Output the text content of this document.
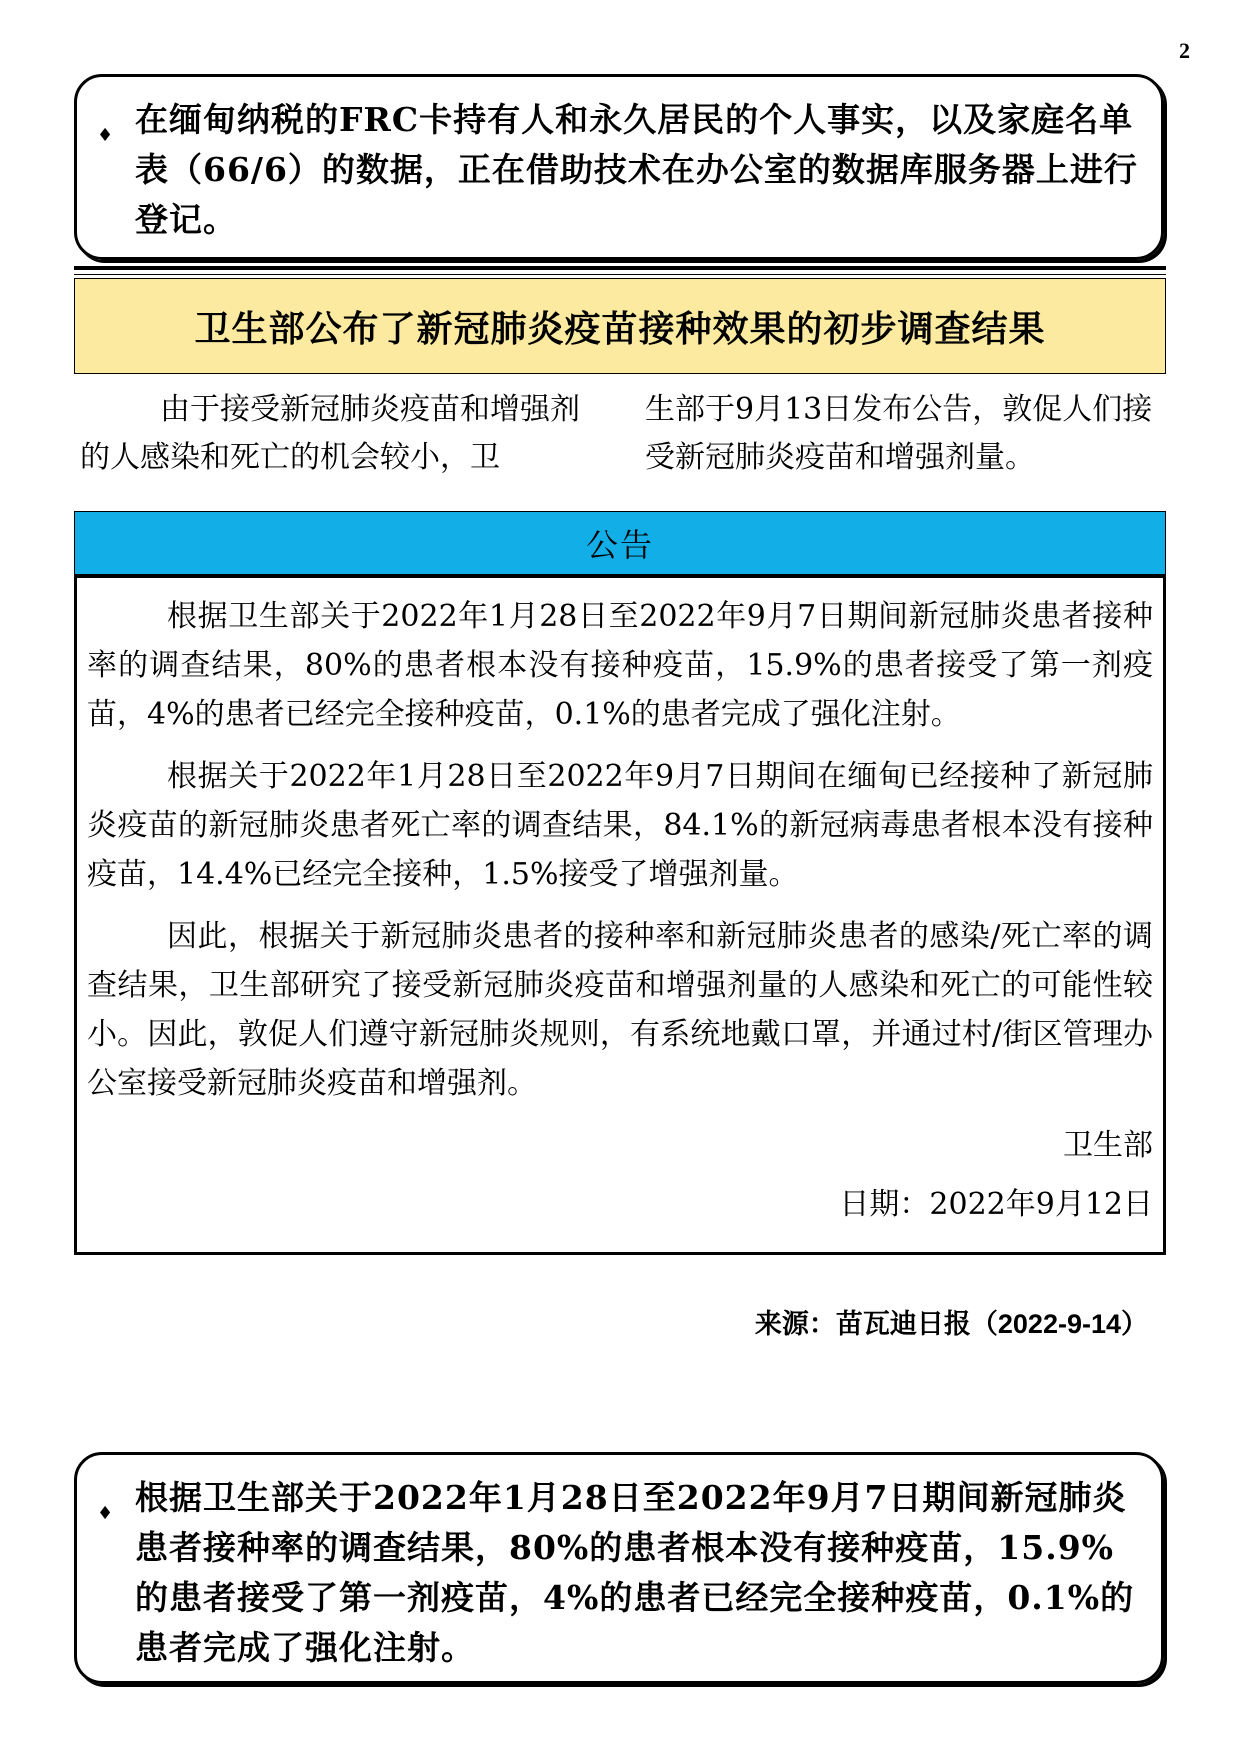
2
♦ 在缅甸纳税的FRC卡持有人和永久居民的个人事实，以及家庭名单表（66/6）的数据，正在借助技术在办公室的数据库服务器上进行登记。
卫生部公布了新冠肺炎疫苗接种效果的初步调查结果
由于接受新冠肺炎疫苗和增强剂的人感染和死亡的机会较小，卫
生部于9月13日发布公告，敦促人们接受新冠肺炎疫苗和增强剂量。
公告

根据卫生部关于2022年1月28日至2022年9月7日期间新冠肺炎患者接种率的调查结果，80%的患者根本没有接种疫苗，15.9%的患者接受了第一剂疫苗，4%的患者已经完全接种疫苗，0.1%的患者完成了强化注射。

根据关于2022年1月28日至2022年9月7日期间在缅甸已经接种了新冠肺炎疫苗的新冠肺炎患者死亡率的调查结果，84.1%的新冠病毒患者根本没有接种疫苗，14.4%已经完全接种，1.5%接受了增强剂量。

因此，根据关于新冠肺炎患者的接种率和新冠肺炎患者的感染/死亡率的调查结果，卫生部研究了接受新冠肺炎疫苗和增强剂量的人感染和死亡的可能性较小。因此，敦促人们遵守新冠肺炎规则，有系统地戴口罩，并通过村/街区管理办公室接受新冠肺炎疫苗和增强剂。

卫生部
日期：2022年9月12日
来源：苗瓦迪日报（2022-9-14）
♦ 根据卫生部关于2022年1月28日至2022年9月7日期间新冠肺炎患者接种率的调查结果，80%的患者根本没有接种疫苗，15.9%的患者接受了第一剂疫苗，4%的患者已经完全接种疫苗，0.1%的患者完成了强化注射。
